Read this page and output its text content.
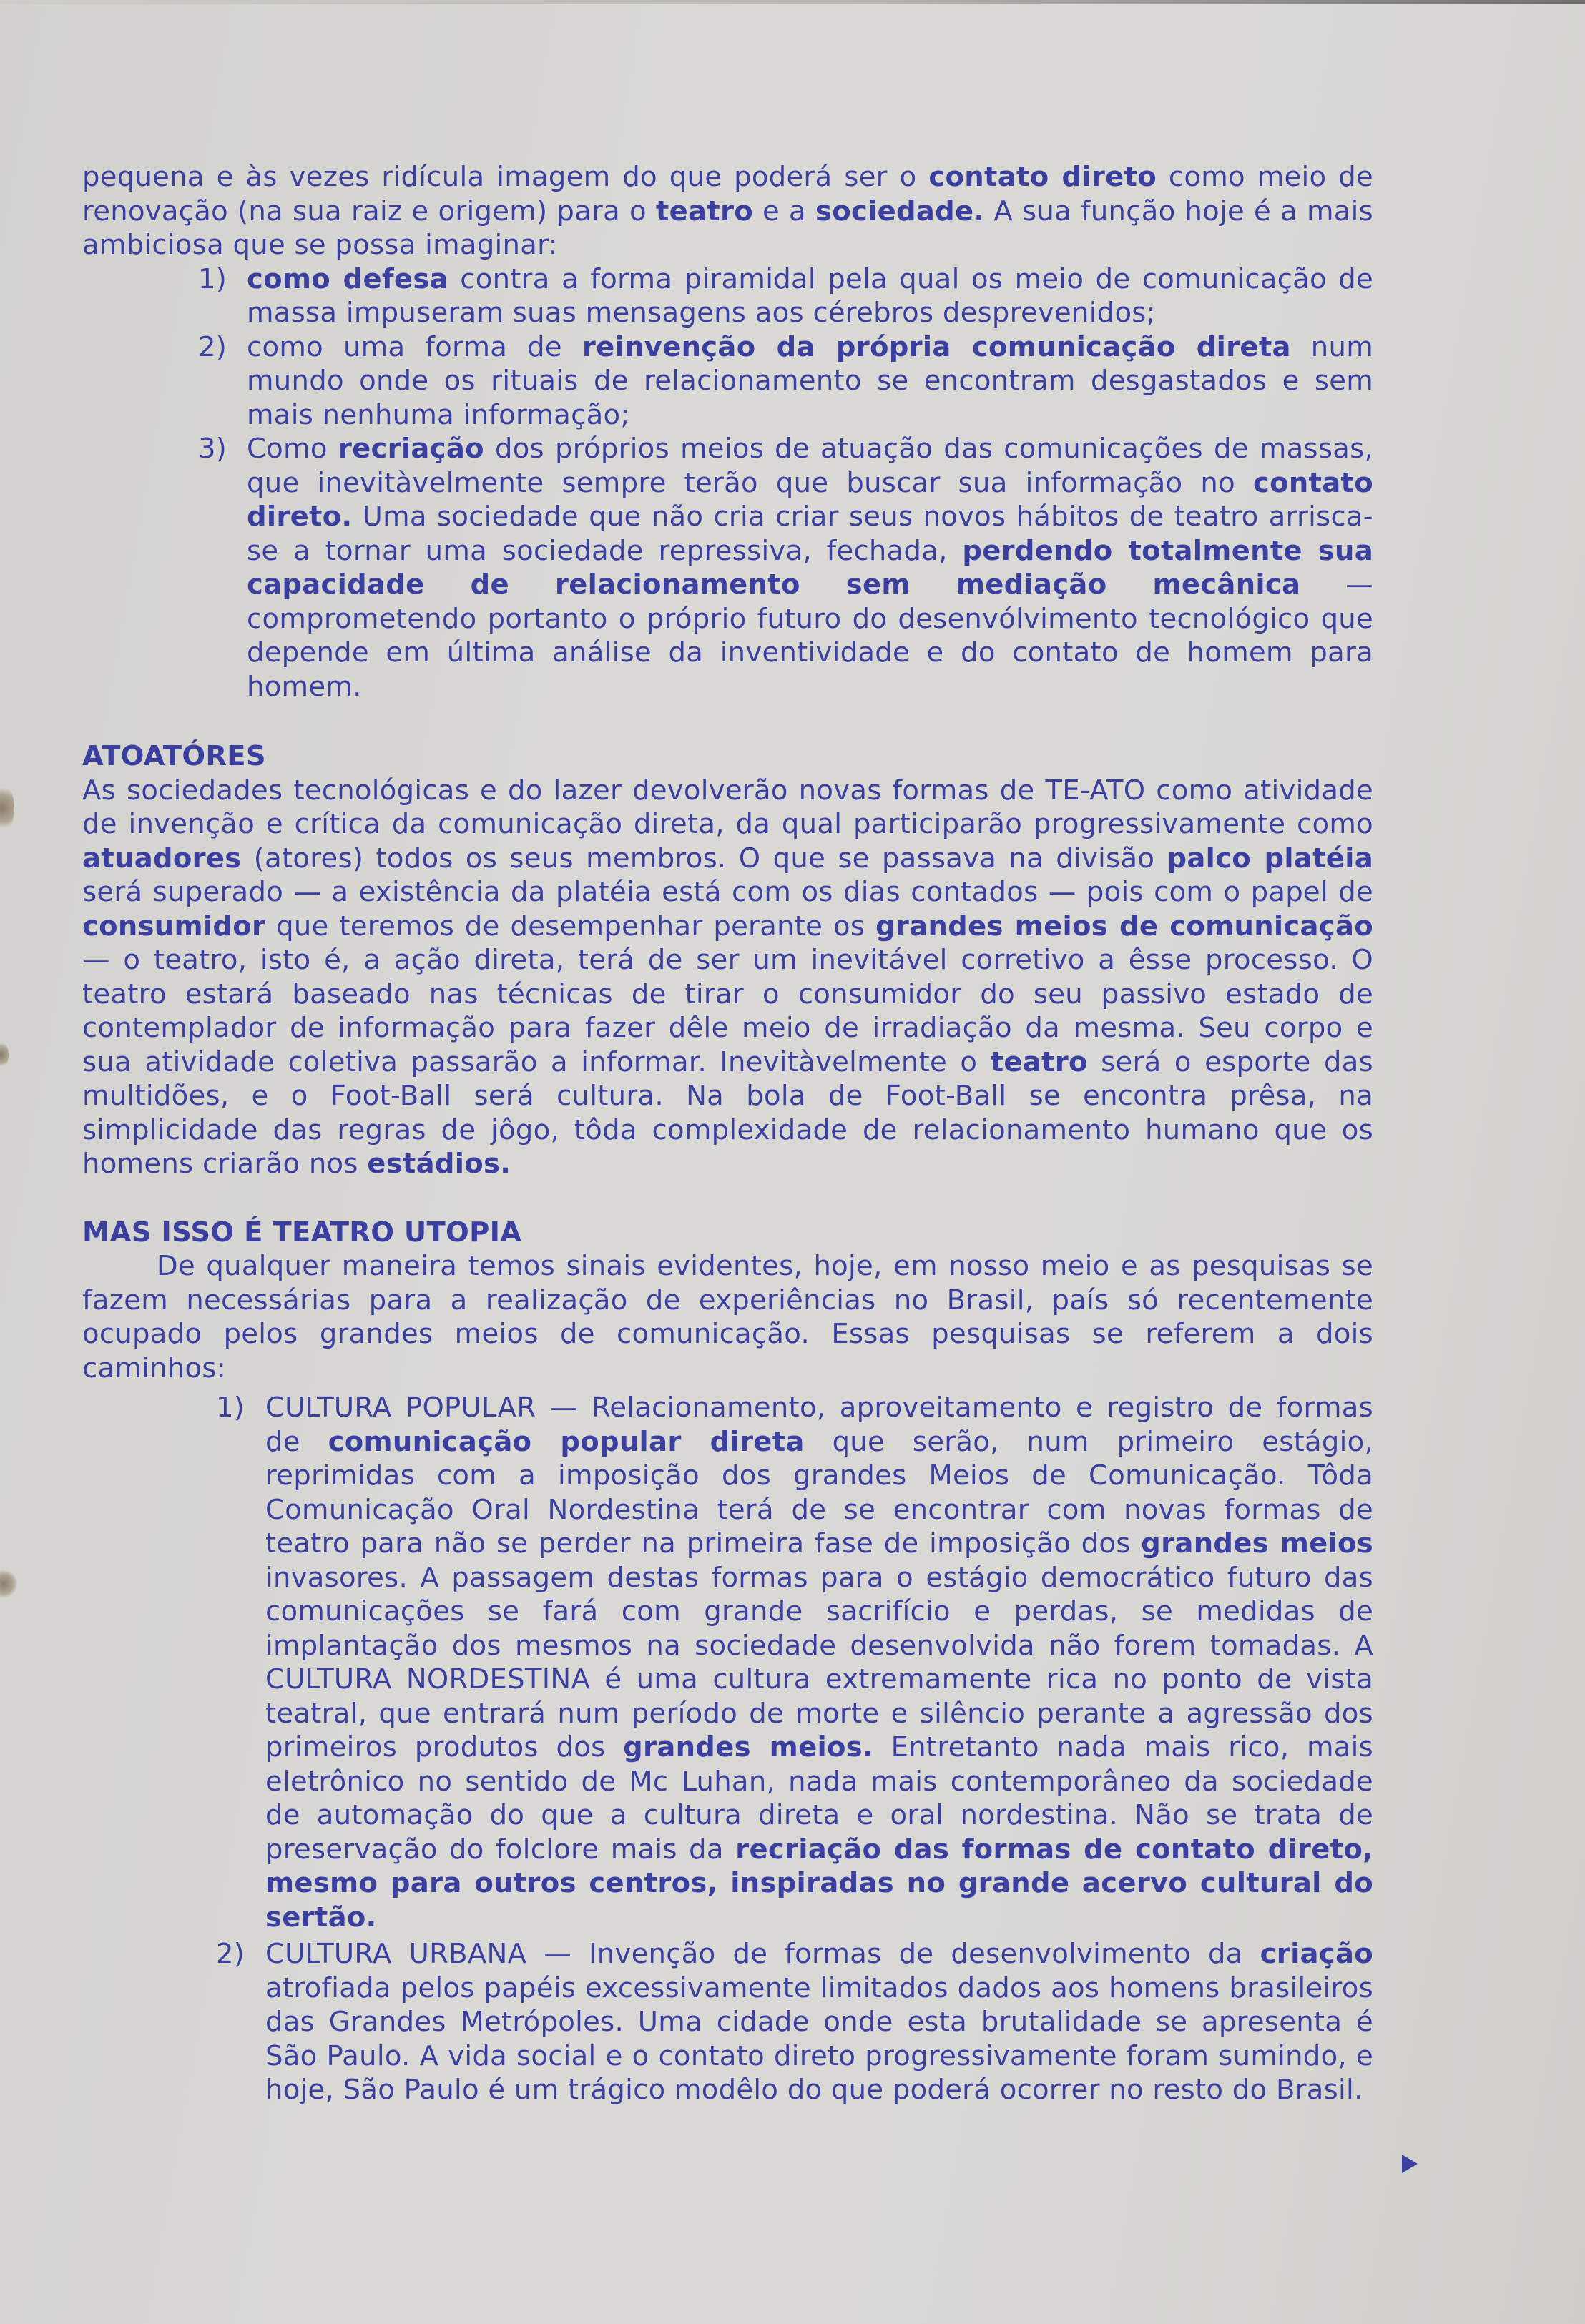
pequena e às vezes ridícula imagem do que poderá ser o contato direto como meio de renovação (na sua raiz e origem) para o teatro e a sociedade. A sua função hoje é a mais ambiciosa que se possa imaginar:

1) como defesa contra a forma piramidal pela qual os meio de comunicação de massa impuseram suas mensagens aos cérebros desprevenidos;

2) como uma forma de reinvenção da própria comunicação direta num mundo onde os rituais de relacionamento se encontram desgastados e sem mais nenhuma informação;

3) Como recriação dos próprios meios de atuação das comunicações de massas, que inevitàvelmente sempre terão que buscar sua informação no contato direto. Uma sociedade que não cria criar seus novos hábitos de teatro arrisca-se a tornar uma sociedade repressiva, fechada, perdendo totalmente sua capacidade de relacionamento sem mediação mecânica — comprometendo portanto o próprio futuro do desenvólvimento tecnológico que depende em última análise da inventividade e do contato de homem para homem.

ATOATÓRES

As sociedades tecnológicas e do lazer devolverão novas formas de TE-ATO como atividade de invenção e crítica da comunicação direta, da qual participarão progressivamente como atuadores (atores) todos os seus membros. O que se passava na divisão palco platéia será superado — a existência da platéia está com os dias contados — pois com o papel de consumidor que teremos de desempenhar perante os grandes meios de comunicação — o teatro, isto é, a ação direta, terá de ser um inevitável corretivo a êsse processo. O teatro estará baseado nas técnicas de tirar o consumidor do seu passivo estado de contemplador de informação para fazer dêle meio de irradiação da mesma. Seu corpo e sua atividade coletiva passarão a informar. Inevitàvelmente o teatro será o esporte das multidões, e o Foot-Ball será cultura. Na bola de Foot-Ball se encontra prêsa, na simplicidade das regras de jôgo, tôda complexidade de relacionamento humano que os homens criarão nos estádios.

MAS ISSO É TEATRO UTOPIA

De qualquer maneira temos sinais evidentes, hoje, em nosso meio e as pesquisas se fazem necessárias para a realização de experiências no Brasil, país só recentemente ocupado pelos grandes meios de comunicação. Essas pesquisas se referem a dois caminhos:

1) CULTURA POPULAR — Relacionamento, aproveitamento e registro de formas de comunicação popular direta que serão, num primeiro estágio, reprimidas com a imposição dos grandes Meios de Comunicação. Tôda Comunicação Oral Nordestina terá de se encontrar com novas formas de teatro para não se perder na primeira fase de imposição dos grandes meios invasores. A passagem destas formas para o estágio democrático futuro das comunicações se fará com grande sacrifício e perdas, se medidas de implantação dos mesmos na sociedade desenvolvida não forem tomadas. A CULTURA NORDESTINA é uma cultura extremamente rica no ponto de vista teatral, que entrará num período de morte e silêncio perante a agressão dos primeiros produtos dos grandes meios. Entretanto nada mais rico, mais eletrônico no sentido de Mc Luhan, nada mais contemporâneo da sociedade de automação do que a cultura direta e oral nordestina. Não se trata de preservação do folclore mais da recriação das formas de contato direto, mesmo para outros centros, inspiradas no grande acervo cultural do sertão.

2) CULTURA URBANA — Invenção de formas de desenvolvimento da criação atrofiada pelos papéis excessivamente limitados dados aos homens brasileiros das Grandes Metrópoles. Uma cidade onde esta brutalidade se apresenta é São Paulo. A vida social e o contato direto progressivamente foram sumindo, e hoje, São Paulo é um trágico modêlo do que poderá ocorrer no resto do Brasil.
